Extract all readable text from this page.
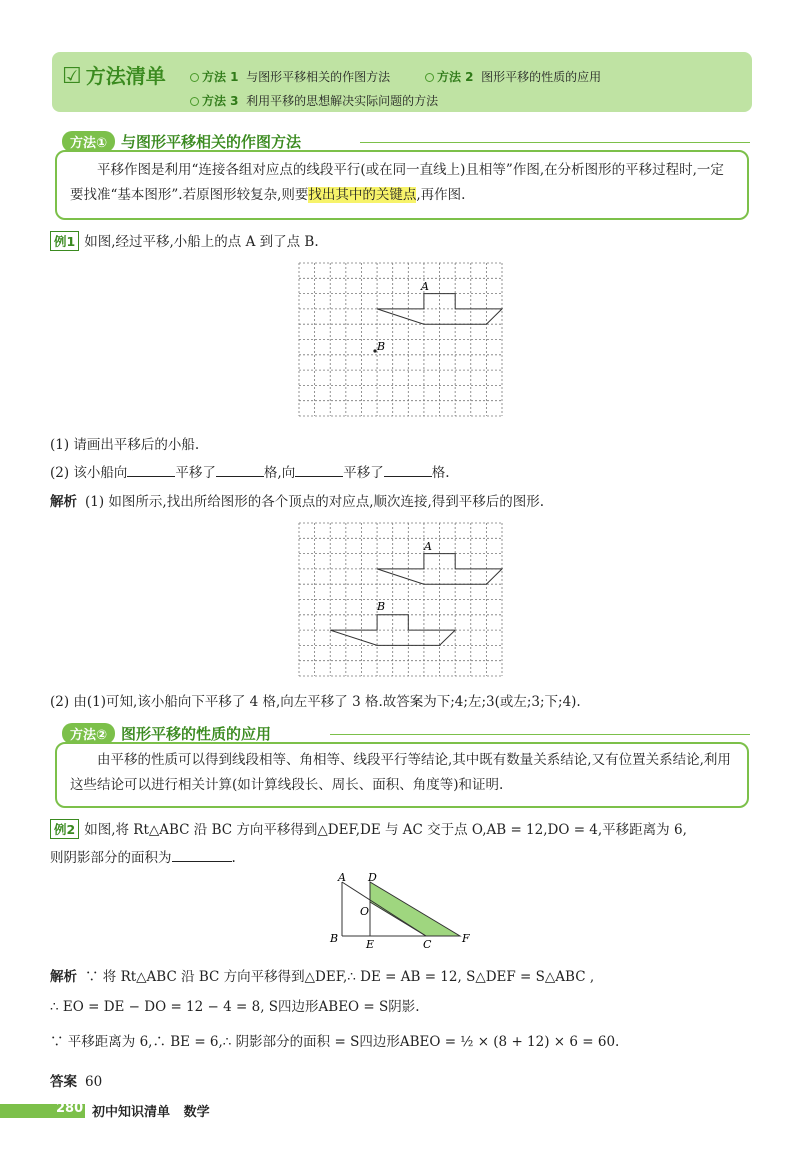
☑ 方法清单	方法 1 与图形平移相关的作图方法	方法 2 图形平移的性质的应用
方法 3 利用平移的思想解决实际问题的方法
方法① 与图形平移相关的作图方法
平移作图是利用“连接各组对应点的线段平行(或在同一直线上)且相等”作图,在分析图形的平移过程时,一定要找准“基本图形”.若原图形较复杂,则要找出其中的关键点,再作图.
例1 如图,经过平移,小船上的点 A 到了点 B.
A
B
(1) 请画出平移后的小船.
(2) 该小船向	平移了	格,向	平移了	格.
解析 (1) 如图所示,找出所给图形的各个顶点的对应点,顺次连接,得到平移后的图形.
A
B
(2) 由(1)可知,该小船向下平移了 4 格,向左平移了 3 格.故答案为下;4;左;3(或左;3;下;4).
方法② 图形平移的性质的应用
由平移的性质可以得到线段相等、角相等、线段平行等结论,其中既有数量关系结论,又有位置关系结论,利用这些结论可以进行相关计算(如计算线段长、周长、面积、角度等)和证明.
例2 如图,将 Rt△ABC 沿 BC 方向平移得到△DEF,DE 与 AC 交于点 O,AB = 12,DO = 4,平移距离为 6,
则阴影部分的面积为	.
A D
O
B	E	C	F
解析 ∵ 将 Rt△ABC 沿 BC 方向平移得到△DEF,∴ DE = AB = 12, S△DEF = S△ABC ,
∴ EO = DE − DO = 12 − 4 = 8, S四边形ABEO = S阴影.
∵ 平移距离为 6,∴ BE = 6,∴ 阴影部分的面积 = S四边形ABEO = ½ × (8 + 12) × 6 = 60.
答案 60
280 初中知识清单   数学
